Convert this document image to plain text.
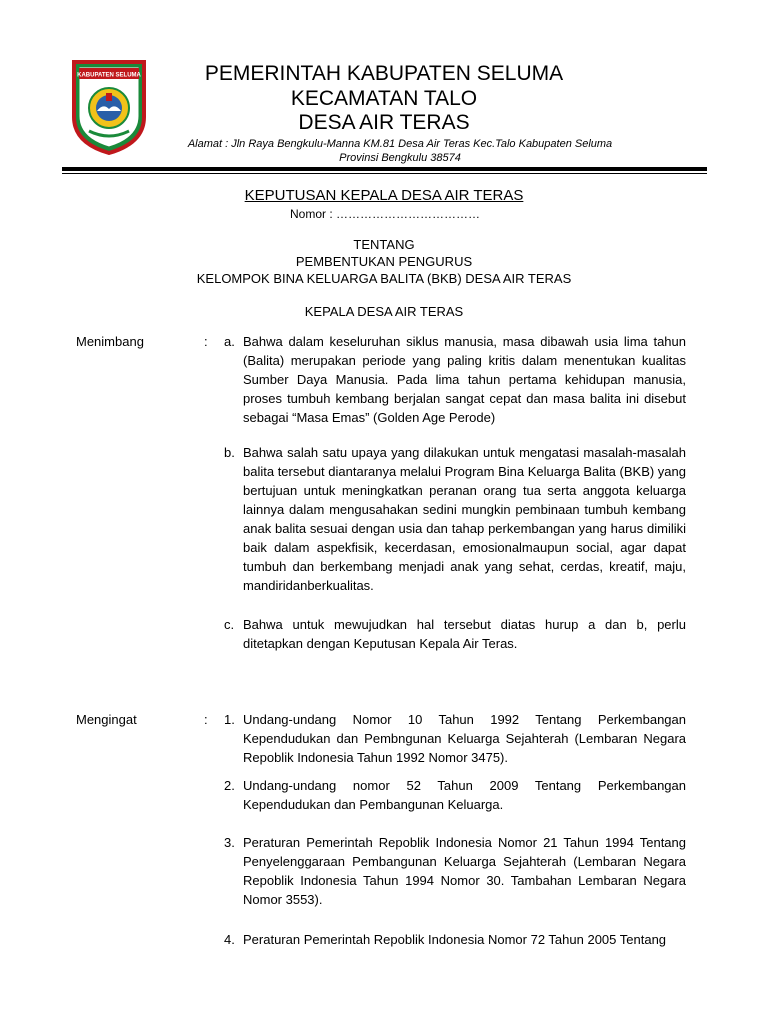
KABUPATEN SELUMA	PEMERINTAH KABUPATEN SELUMA
KECAMATAN TALO
DESA AIR TERAS
Alamat : Jln Raya Bengkulu-Manna KM.81 Desa Air Teras Kec.Talo Kabupaten Seluma
Provinsi Bengkulu 38574
KEPUTUSAN KEPALA DESA AIR TERAS
Nomor : ………………………………
TENTANG
PEMBENTUKAN PENGURUS
KELOMPOK BINA KELUARGA BALITA (BKB) DESA AIR TERAS
KEPALA DESA AIR TERAS
Menimbang	: a. Bahwa dalam keseluruhan siklus manusia, masa dibawah usia lima tahun (Balita) merupakan periode yang paling kritis dalam menentukan kualitas Sumber Daya Manusia. Pada lima tahun pertama kehidupan manusia, proses tumbuh kembang berjalan sangat cepat dan masa balita ini disebut sebagai “Masa Emas” (Golden Age Perode)
b. Bahwa salah satu upaya yang dilakukan untuk mengatasi masalah-masalah balita tersebut diantaranya melalui Program Bina Keluarga Balita (BKB) yang bertujuan untuk meningkatkan peranan orang tua serta anggota keluarga lainnya dalam mengusahakan sedini mungkin pembinaan tumbuh kembang anak balita sesuai dengan usia dan tahap perkembangan yang harus dimiliki baik dalam aspekfisik, kecerdasan, emosionalmaupun social, agar dapat tumbuh dan berkembang menjadi anak yang sehat, cerdas, kreatif, maju, mandiridanberkualitas.
c. Bahwa untuk mewujudkan hal tersebut diatas hurup a dan b, perlu ditetapkan dengan Keputusan Kepala Air Teras.
Mengingat	: 1. Undang-undang Nomor 10 Tahun 1992 Tentang Perkembangan Kependudukan dan Pembngunan Keluarga Sejahterah (Lembaran Negara Repoblik Indonesia Tahun 1992 Nomor 3475).
2. Undang-undang nomor 52 Tahun 2009 Tentang Perkembangan Kependudukan dan Pembangunan Keluarga.
3. Peraturan Pemerintah Repoblik Indonesia Nomor 21 Tahun 1994 Tentang Penyelenggaraan Pembangunan Keluarga Sejahterah (Lembaran Negara Repoblik Indonesia Tahun 1994 Nomor 30. Tambahan Lembaran Negara Nomor 3553).
4. Peraturan Pemerintah Repoblik Indonesia Nomor 72 Tahun 2005 Tentang
